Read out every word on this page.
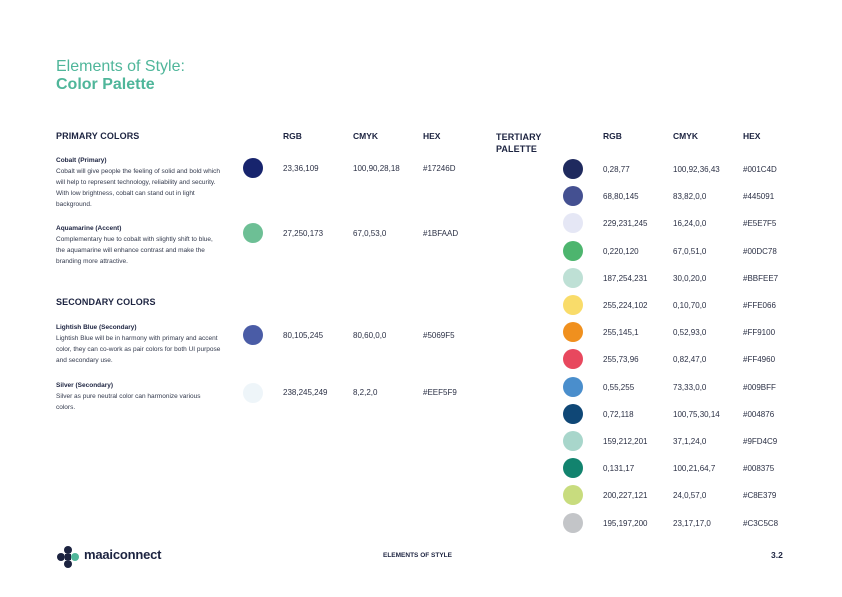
Elements of Style:
Color Palette
PRIMARY COLORS	RGB	CMYK	HEX
Cobalt (Primary)
Cobalt will give people the feeling of solid and bold which will help to represent technology, reliability and security. With low brightness, cobalt can stand out in light background.
23,36,109	100,90,28,18	#17246D
Aquamarine (Accent)
Complementary hue to cobalt with slightly shift to blue, the aquamarine will enhance contrast and make the branding more attractive.
27,250,173	67,0,53,0	#1BFAAD
SECONDARY COLORS
Lightish Blue (Secondary)
Lightish Blue will be in harmony with primary and accent color, they can co-work as pair colors for both UI purpose and secondary use.
80,105,245	80,60,0,0	#5069F5
Silver (Secondary)
Silver as pure neutral color can harmonize various colors.
238,245,249	8,2,2,0	#EEF5F9
TERTIARY PALETTE
RGB	CMYK	HEX
0,28,77	100,92,36,43	#001C4D
68,80,145	83,82,0,0	#445091
229,231,245	16,24,0,0	#E5E7F5
0,220,120	67,0,51,0	#00DC78
187,254,231	30,0,20,0	#BBFEE7
255,224,102	0,10,70,0	#FFE066
255,145,1	0,52,93,0	#FF9100
255,73,96	0,82,47,0	#FF4960
0,55,255	73,33,0,0	#009BFF
0,72,118	100,75,30,14	#004876
159,212,201	37,1,24,0	#9FD4C9
0,131,17	100,21,64,7	#008375
200,227,121	24,0,57,0	#C8E379
195,197,200	23,17,17,0	#C3C5C8
maaiconnect	ELEMENTS OF STYLE	3.2
